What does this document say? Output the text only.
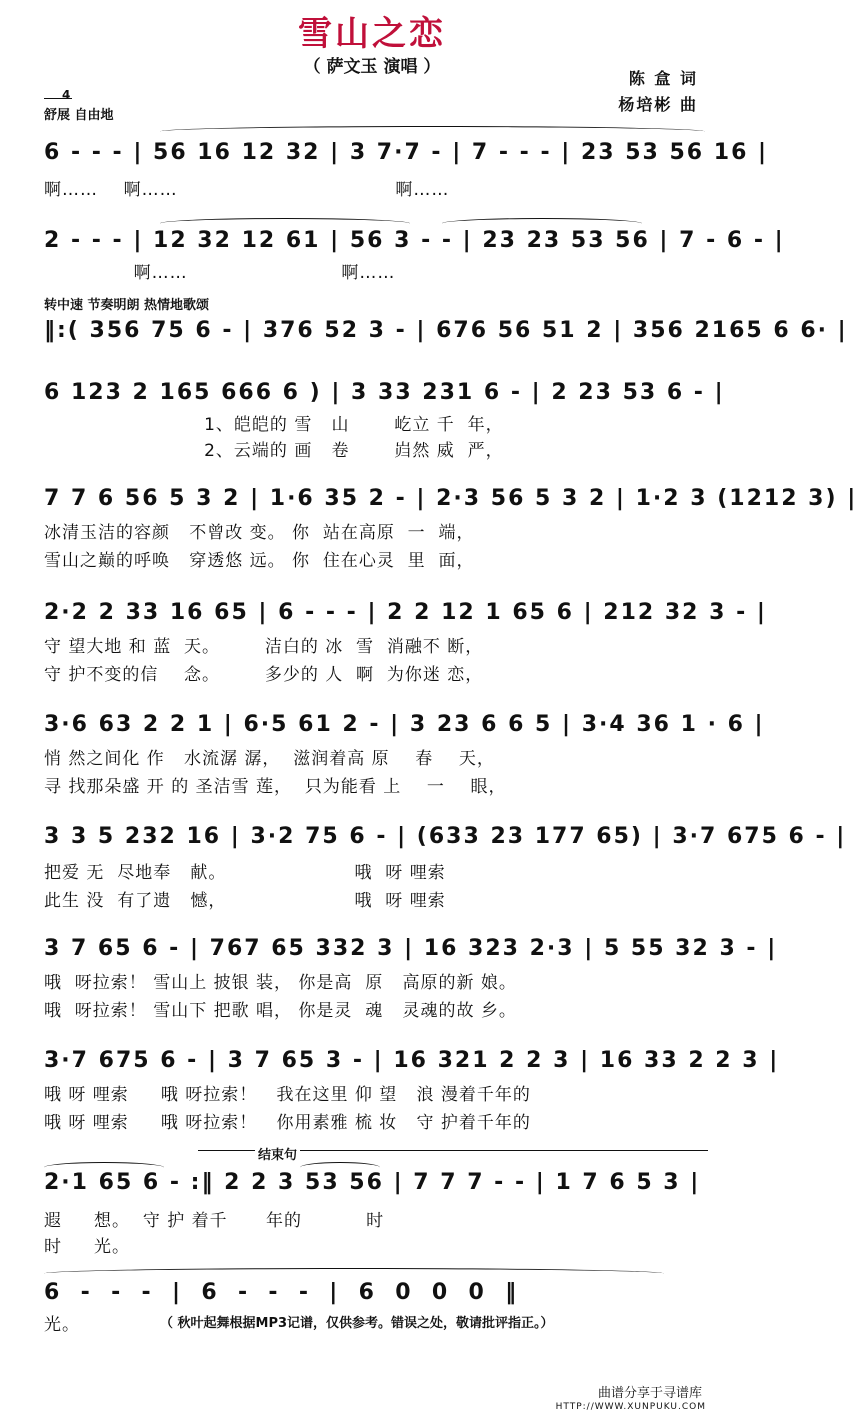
雪山之恋
（ 萨文玉 演唱 ）
陈 盒 词
杨培彬 曲
4
舒展 自由地
转中速 节奏明朗 热情地歌颂
6 - - - | 56 16 12 32 | 3 7·7 - | 7 - - - | 23 53 56 16 |
啊……    啊……                                  啊……
2 - - - | 12 32 12 61 | 56 3 - - | 23 23 53 56 | 7 - 6 - |
啊……                        啊……
‖:( 356 75 6 - | 376 52 3 - | 676 56 51 2 | 356 2165 6 6· |
6 123 2 165 666 6 ) | 3 33 231 6 - | 2 23 53 6 - |
1、皑皑的 雪   山       屹立 千  年，
2、云端的 画   卷       岿然 威  严，
7 7 6 56 5 3 2 | 1·6 35 2 - | 2·3 56 5 3 2 | 1·2 3 (1212 3) |
冰清玉洁的容颜   不曾改 变。 你  站在高原  一  端，
雪山之巅的呼唤   穿透悠 远。 你  住在心灵  里  面，
2·2 2 33 16 65 | 6 - - - | 2 2 12 1 65 6 | 212 32 3 - |
守 望大地 和 蓝  天。       洁白的 冰  雪  消融不 断，
守 护不变的信    念。       多少的 人  啊  为你迷 恋，
3·6 63 2 2 1 | 6·5 61 2 - | 3 23 6 6 5 | 3·4 36 1 · 6 |
悄 然之间化 作   水流潺 潺，  滋润着高 原    春    天，
寻 找那朵盛 开 的 圣洁雪 莲，  只为能看 上    一    眼，
3 3 5 232 16 | 3·2 75 6 - | (633 23 177 65) | 3·7 675 6 - |
把爱 无  尽地奉   献。                    哦  呀 哩索
此生 没  有了遗   憾，                    哦  呀 哩索
3 7 65 6 - | 767 65 332 3 | 16 323 2·3 | 5 55 32 3 - |
哦  呀拉索！ 雪山上 披银 装， 你是高  原   高原的新 娘。
哦  呀拉索！ 雪山下 把歌 唱， 你是灵  魂   灵魂的故 乡。
3·7 675 6 - | 3 7 65 3 - | 16 321 2 2 3 | 16 33 2 2 3 |
哦 呀 哩索     哦 呀拉索！   我在这里 仰 望   浪 漫着千年的
哦 呀 哩索     哦 呀拉索！   你用素雅 梳 妆   守 护着千年的
结束句
2·1 65 6 - :‖ 2 2 3 53 56 | 7 7 7 - - | 1 7 6 5 3 |
遐     想。  守 护 着千      年的          时
时     光。
6  -  -  -  |  6  -  -  -  |  6  0  0  0  ‖
光。	（ 秋叶起舞根据MP3记谱，仅供参考。错误之处，敬请批评指正。）
曲谱分享于寻谱库
HTTP://WWW.XUNPUKU.COM
